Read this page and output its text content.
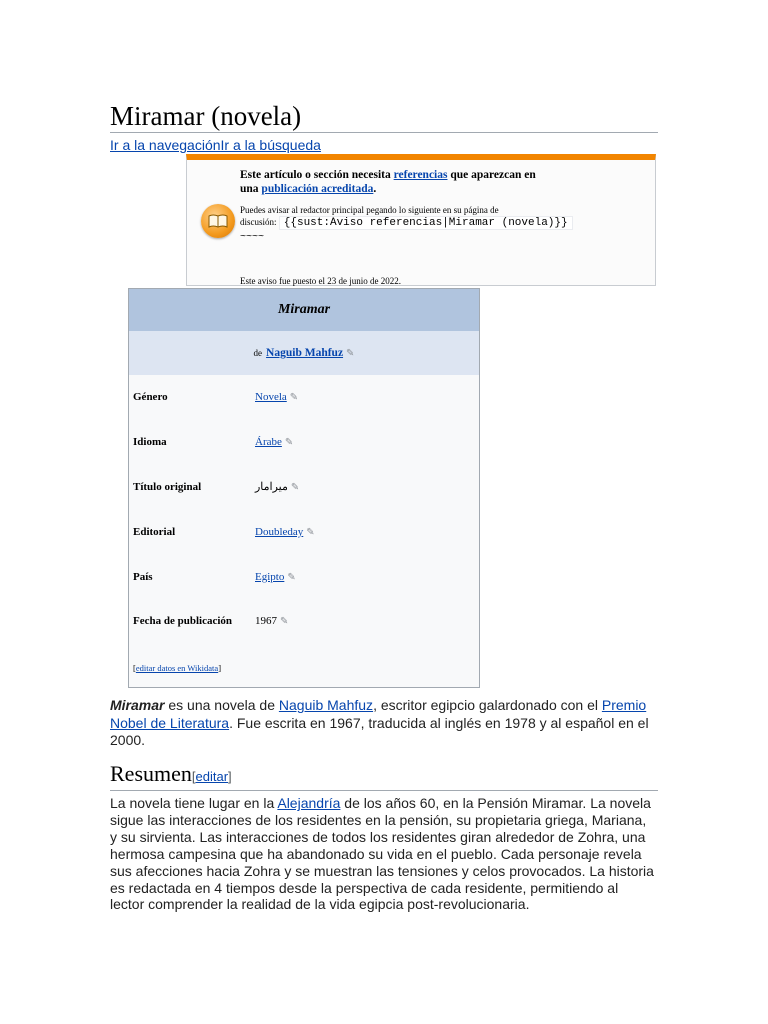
Miramar (novela)
Ir a la navegaciónIr a la búsqueda
Este artículo o sección necesita referencias que aparezcan en
una publicación acreditada.
Puedes avisar al redactor principal pegando lo siguiente en su página de
discusión: {{sust:Aviso referencias|Miramar (novela)}}
~~~~
Este aviso fue puesto el 23 de junio de 2022.
Miramar
de Naguib Mahfuz ✎
Género	Novela ✎
Idioma	Árabe ✎
Título original	ميرامار ✎
Editorial	Doubleday ✎
País	Egipto ✎
Fecha de publicación 1967 ✎
[editar datos en Wikidata]

Miramar es una novela de Naguib Mahfuz, escritor egipcio galardonado con el Premio Nobel de Literatura. Fue escrita en 1967, traducida al inglés en 1978 y al español en el 2000.

Resumen[editar]

La novela tiene lugar en la Alejandría de los años 60, en la Pensión Miramar. La novela sigue las interacciones de los residentes en la pensión, su propietaria griega, Mariana, y su sirvienta. Las interacciones de todos los residentes giran alrededor de Zohra, una hermosa campesina que ha abandonado su vida en el pueblo. Cada personaje revela sus afecciones hacia Zohra y se muestran las tensiones y celos provocados. La historia es redactada en 4 tiempos desde la perspectiva de cada residente, permitiendo al lector comprender la realidad de la vida egipcia post-revolucionaria.
